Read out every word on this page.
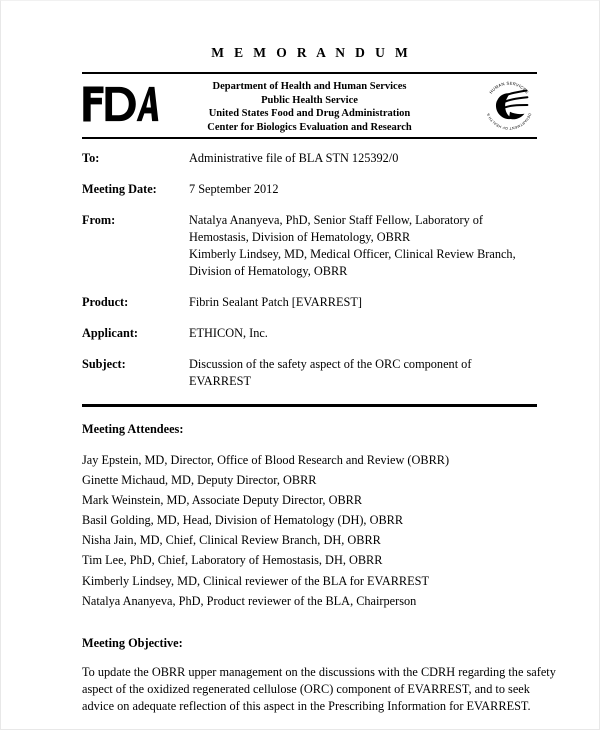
M E M O R A N D U M
Department of Health and Human Services
Public Health Service
United States Food and Drug Administration
Center for Biologics Evaluation and Research
HUMAN SERVICES
DEPARTMENT OF HEALTH &
To:	Administrative file of BLA STN 125392/0
Meeting Date:	7 September 2012
From:	Natalya Ananyeva, PhD, Senior Staff Fellow, Laboratory of
Hemostasis, Division of Hematology, OBRR
Kimberly Lindsey, MD, Medical Officer, Clinical Review Branch,
Division of Hematology, OBRR
Product:	Fibrin Sealant Patch [EVARREST]
Applicant:	ETHICON, Inc.
Subject:	Discussion of the safety aspect of the ORC component of
EVARREST
Meeting Attendees:
Jay Epstein, MD, Director, Office of Blood Research and Review (OBRR)
Ginette Michaud, MD, Deputy Director, OBRR
Mark Weinstein, MD, Associate Deputy Director, OBRR
Basil Golding, MD, Head, Division of Hematology (DH), OBRR
Nisha Jain, MD, Chief, Clinical Review Branch, DH, OBRR
Tim Lee, PhD, Chief, Laboratory of Hemostasis, DH, OBRR
Kimberly Lindsey, MD, Clinical reviewer of the BLA for EVARREST
Natalya Ananyeva, PhD, Product reviewer of the BLA, Chairperson
Meeting Objective:
To update the OBRR upper management on the discussions with the CDRH regarding the safety
aspect of the oxidized regenerated cellulose (ORC) component of EVARREST, and to seek
advice on adequate reflection of this aspect in the Prescribing Information for EVARREST.
